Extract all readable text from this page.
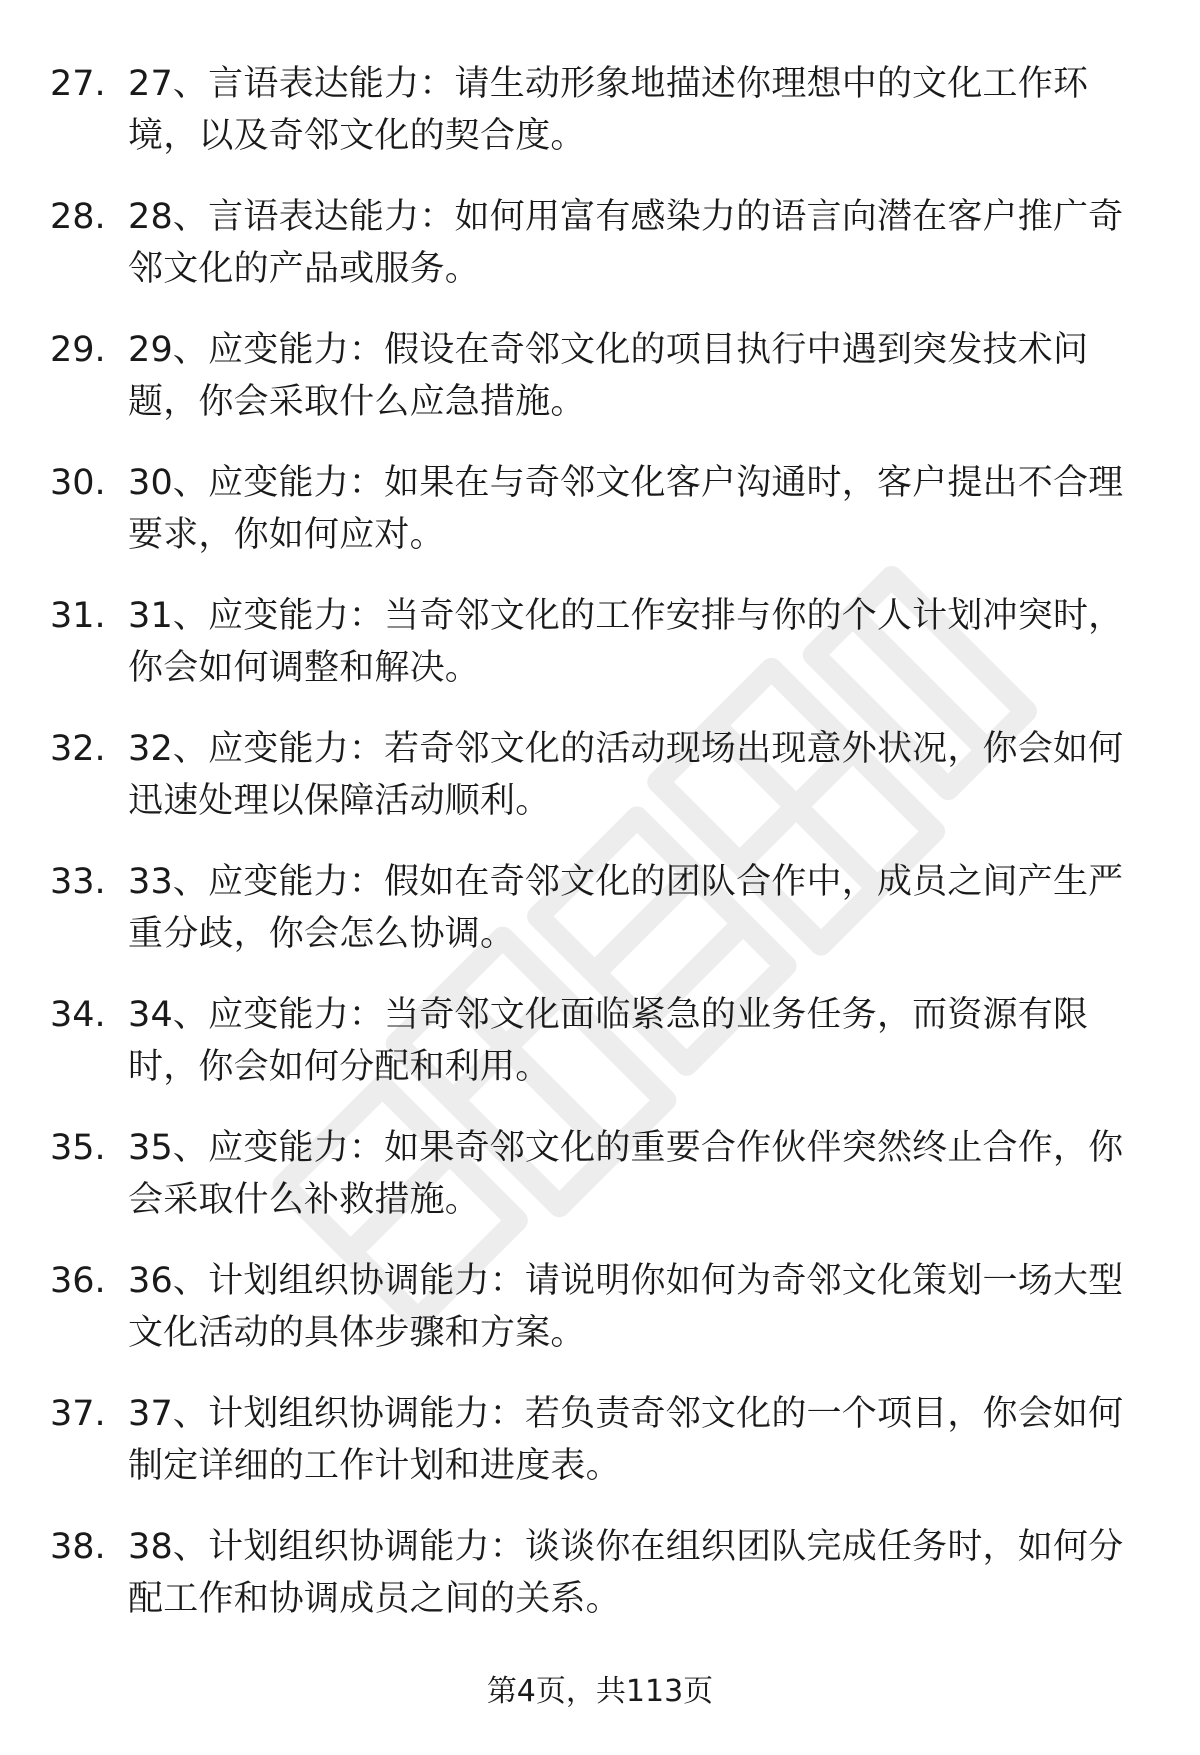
27. 27、言语表达能力：请生动形象地描述你理想中的文化工作环境，以及奇邻文化的契合度。
28. 28、言语表达能力：如何用富有感染力的语言向潜在客户推广奇邻文化的产品或服务。
29. 29、应变能力：假设在奇邻文化的项目执行中遇到突发技术问题，你会采取什么应急措施。
30. 30、应变能力：如果在与奇邻文化客户沟通时，客户提出不合理要求，你如何应对。
31. 31、应变能力：当奇邻文化的工作安排与你的个人计划冲突时，你会如何调整和解决。
32. 32、应变能力：若奇邻文化的活动现场出现意外状况，你会如何迅速处理以保障活动顺利。
33. 33、应变能力：假如在奇邻文化的团队合作中，成员之间产生严重分歧，你会怎么协调。
34. 34、应变能力：当奇邻文化面临紧急的业务任务，而资源有限时，你会如何分配和利用。
35. 35、应变能力：如果奇邻文化的重要合作伙伴突然终止合作，你会采取什么补救措施。
36. 36、计划组织协调能力：请说明你如何为奇邻文化策划一场大型文化活动的具体步骤和方案。
37. 37、计划组织协调能力：若负责奇邻文化的一个项目，你会如何制定详细的工作计划和进度表。
38. 38、计划组织协调能力：谈谈你在组织团队完成任务时，如何分配工作和协调成员之间的关系。
第4页，共113页
